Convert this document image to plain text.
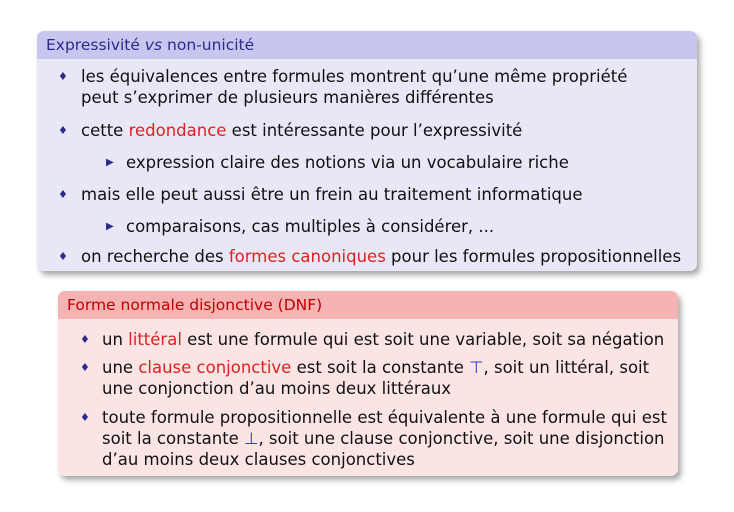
Expressivité vs non-unicité
♦ les équivalences entre formules montrent qu’une même propriété
peut s’exprimer de plusieurs manières différentes
♦ cette redondance est intéressante pour l’expressivité
▶ expression claire des notions via un vocabulaire riche
♦ mais elle peut aussi être un frein au traitement informatique
▶ comparaisons, cas multiples à considérer, ...
♦ on recherche des formes canoniques pour les formules propositionnelles
Forme normale disjonctive (DNF)
♦ un littéral est une formule qui est soit une variable, soit sa négation
♦ une clause conjonctive est soit la constante ⊤, soit un littéral, soit
une conjonction d’au moins deux littéraux
♦ toute formule propositionnelle est équivalente à une formule qui est
soit la constante ⊥, soit une clause conjonctive, soit une disjonction
d’au moins deux clauses conjonctives
